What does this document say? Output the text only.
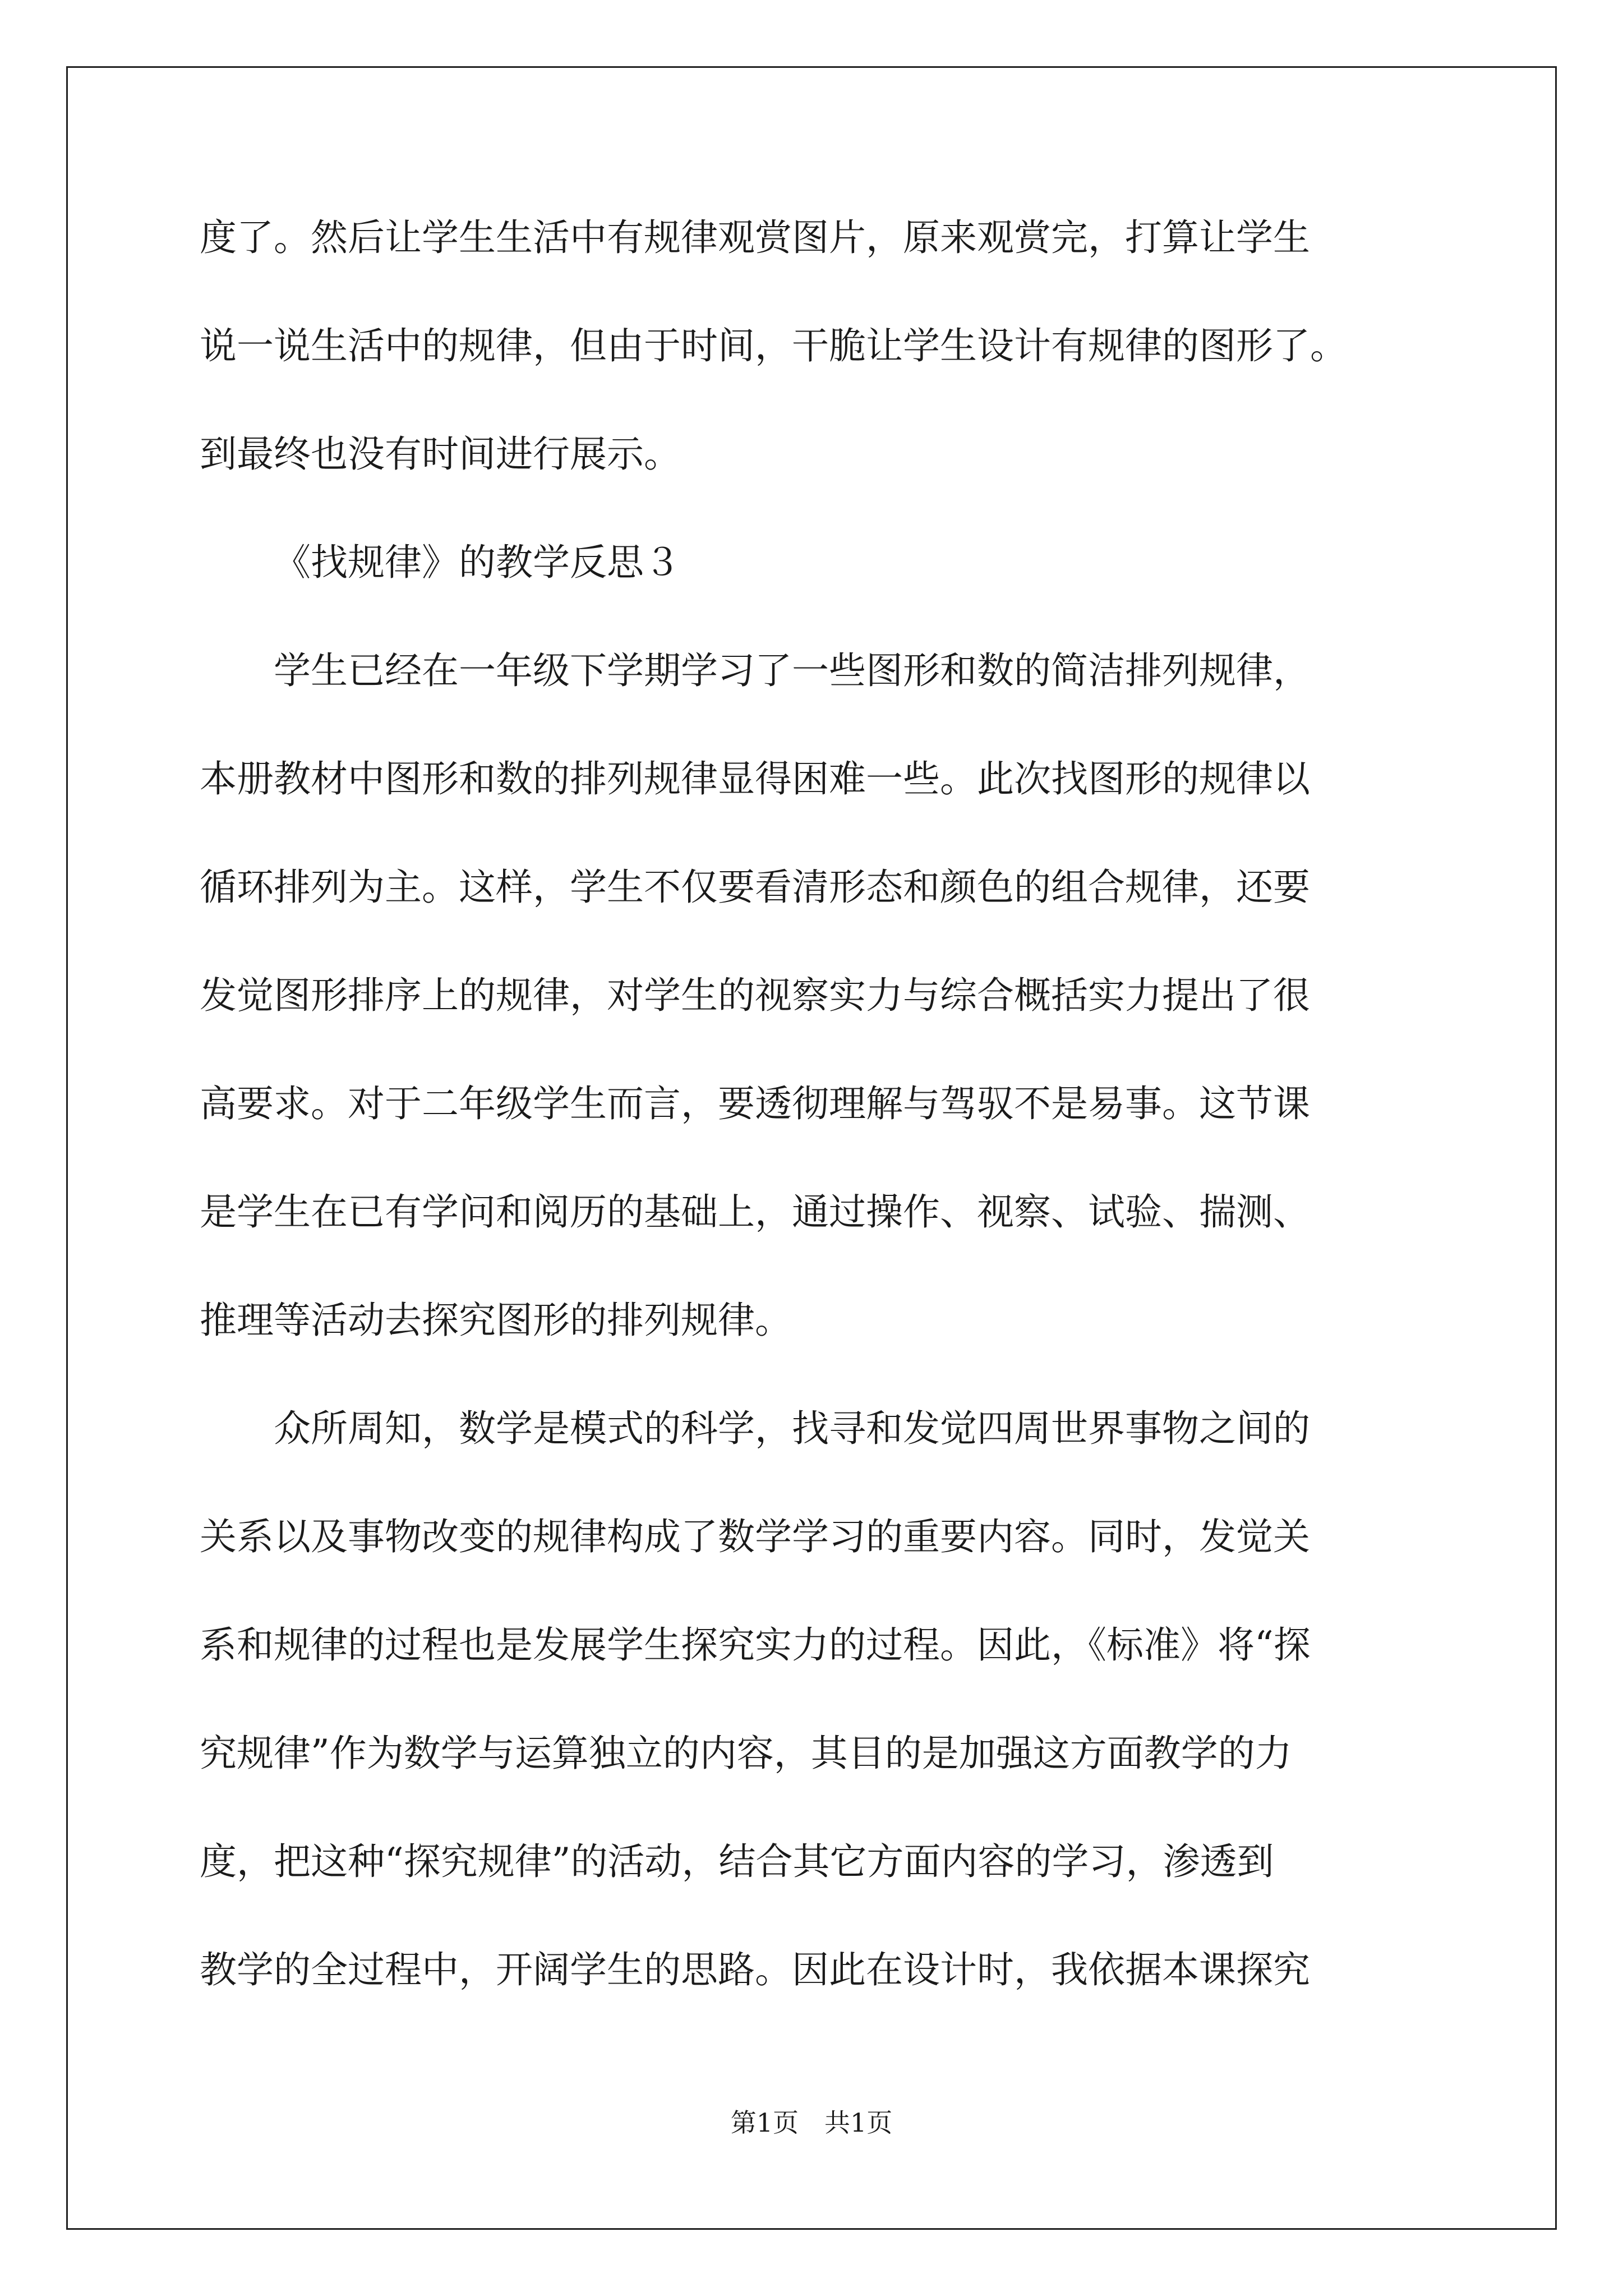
度了。然后让学生生活中有规律观赏图片，原来观赏完，打算让学生
说一说生活中的规律，但由于时间，干脆让学生设计有规律的图形了。
到最终也没有时间进行展示。
《找规律》的教学反思３
学生已经在一年级下学期学习了一些图形和数的简洁排列规律，
本册教材中图形和数的排列规律显得困难一些。此次找图形的规律以
循环排列为主。这样，学生不仅要看清形态和颜色的组合规律，还要
发觉图形排序上的规律，对学生的视察实力与综合概括实力提出了很
高要求。对于二年级学生而言，要透彻理解与驾驭不是易事。这节课
是学生在已有学问和阅历的基础上，通过操作、视察、试验、揣测、
推理等活动去探究图形的排列规律。
众所周知，数学是模式的科学，找寻和发觉四周世界事物之间的
关系以及事物改变的规律构成了数学学习的重要内容。同时，发觉关
系和规律的过程也是发展学生探究实力的过程。因此，《标准》将“探
究规律”作为数学与运算独立的内容，其目的是加强这方面教学的力
度，把这种“探究规律”的活动，结合其它方面内容的学习，渗透到
教学的全过程中，开阔学生的思路。因此在设计时，我依据本课探究
第1页　共1页
